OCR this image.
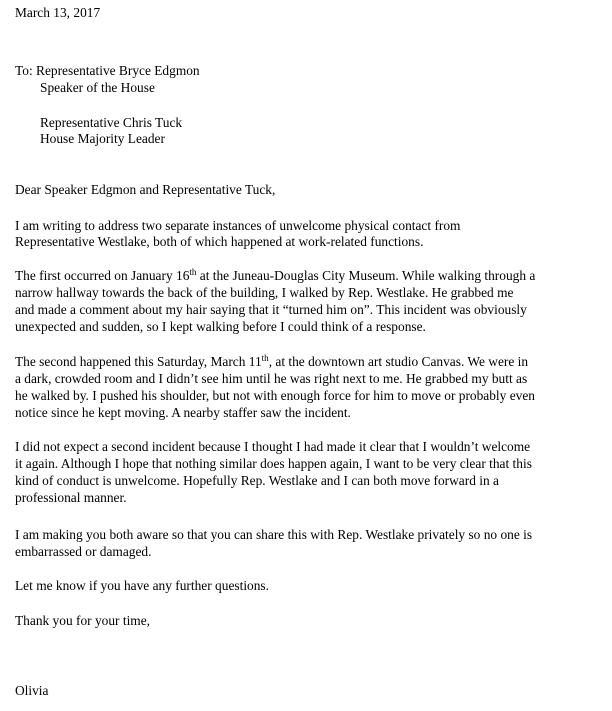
March 13, 2017
To: Representative Bryce Edgmon
Speaker of the House
Representative Chris Tuck
House Majority Leader
Dear Speaker Edgmon and Representative Tuck,
I am writing to address two separate instances of unwelcome physical contact from
Representative Westlake, both of which happened at work-related functions.
The first occurred on January 16th at the Juneau-Douglas City Museum. While walking through a
narrow hallway towards the back of the building, I walked by Rep. Westlake. He grabbed me
and made a comment about my hair saying that it “turned him on”. This incident was obviously
unexpected and sudden, so I kept walking before I could think of a response.
The second happened this Saturday, March 11th, at the downtown art studio Canvas. We were in
a dark, crowded room and I didn’t see him until he was right next to me. He grabbed my butt as
he walked by. I pushed his shoulder, but not with enough force for him to move or probably even
notice since he kept moving. A nearby staffer saw the incident.
I did not expect a second incident because I thought I had made it clear that I wouldn’t welcome
it again. Although I hope that nothing similar does happen again, I want to be very clear that this
kind of conduct is unwelcome. Hopefully Rep. Westlake and I can both move forward in a
professional manner.
I am making you both aware so that you can share this with Rep. Westlake privately so no one is
embarrassed or damaged.
Let me know if you have any further questions.
Thank you for your time,
Olivia
